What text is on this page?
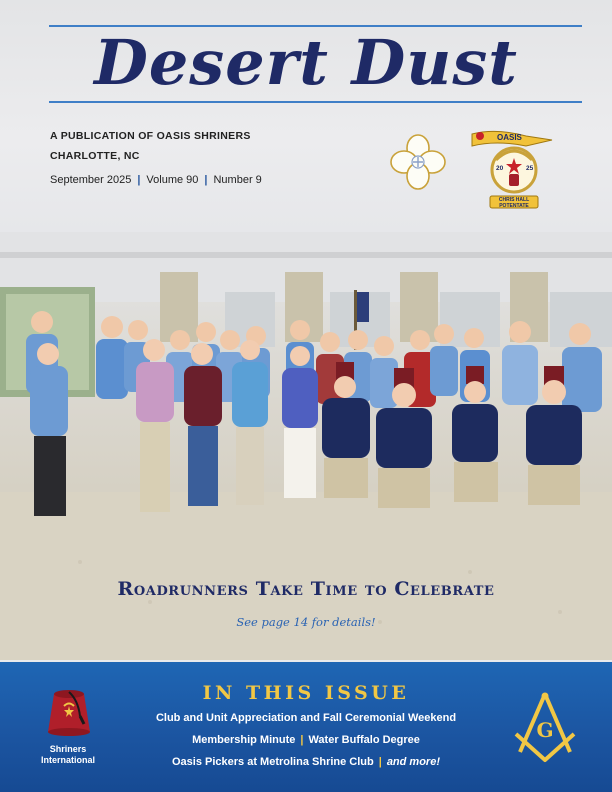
Desert Dust
A PUBLICATION OF OASIS SHRINERS
CHARLOTTE, NC
September 2025 | Volume 90 | Number 9
OASIS
20	25
CHRIS HALL
POTENTATE
Roadrunners Take Time to Celebrate
See page 14 for details!
Shriners
International
IN THIS ISSUE
Club and Unit Appreciation and Fall Ceremonial Weekend
Membership Minute | Water Buffalo Degree
Oasis Pickers at Metrolina Shrine Club | and more!
G
